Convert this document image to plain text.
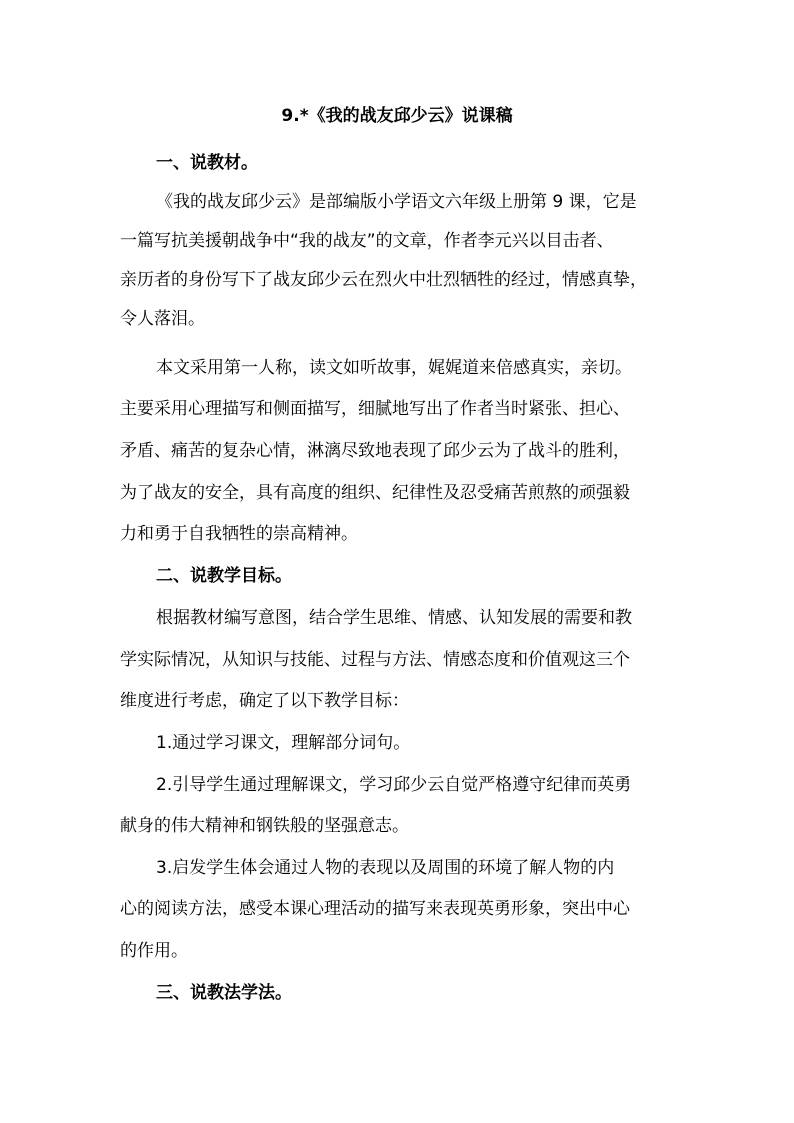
9.*《我的战友邱少云》说课稿
一、说教材。
《我的战友邱少云》是部编版小学语文六年级上册第 9 课，它是
一篇写抗美援朝战争中“我的战友”的文章，作者李元兴以目击者、
亲历者的身份写下了战友邱少云在烈火中壮烈牺牲的经过，情感真挚，
令人落泪。
本文采用第一人称，读文如听故事，娓娓道来倍感真实，亲切。
主要采用心理描写和侧面描写，细腻地写出了作者当时紧张、担心、
矛盾、痛苦的复杂心情，淋漓尽致地表现了邱少云为了战斗的胜利，
为了战友的安全，具有高度的组织、纪律性及忍受痛苦煎熬的顽强毅
力和勇于自我牺牲的崇高精神。
二、说教学目标。
根据教材编写意图，结合学生思维、情感、认知发展的需要和教
学实际情况，从知识与技能、过程与方法、情感态度和价值观这三个
维度进行考虑，确定了以下教学目标：
1.通过学习课文，理解部分词句。
2.引导学生通过理解课文，学习邱少云自觉严格遵守纪律而英勇
献身的伟大精神和钢铁般的坚强意志。
3.启发学生体会通过人物的表现以及周围的环境了解人物的内
心的阅读方法，感受本课心理活动的描写来表现英勇形象，突出中心
的作用。
三、说教法学法。
